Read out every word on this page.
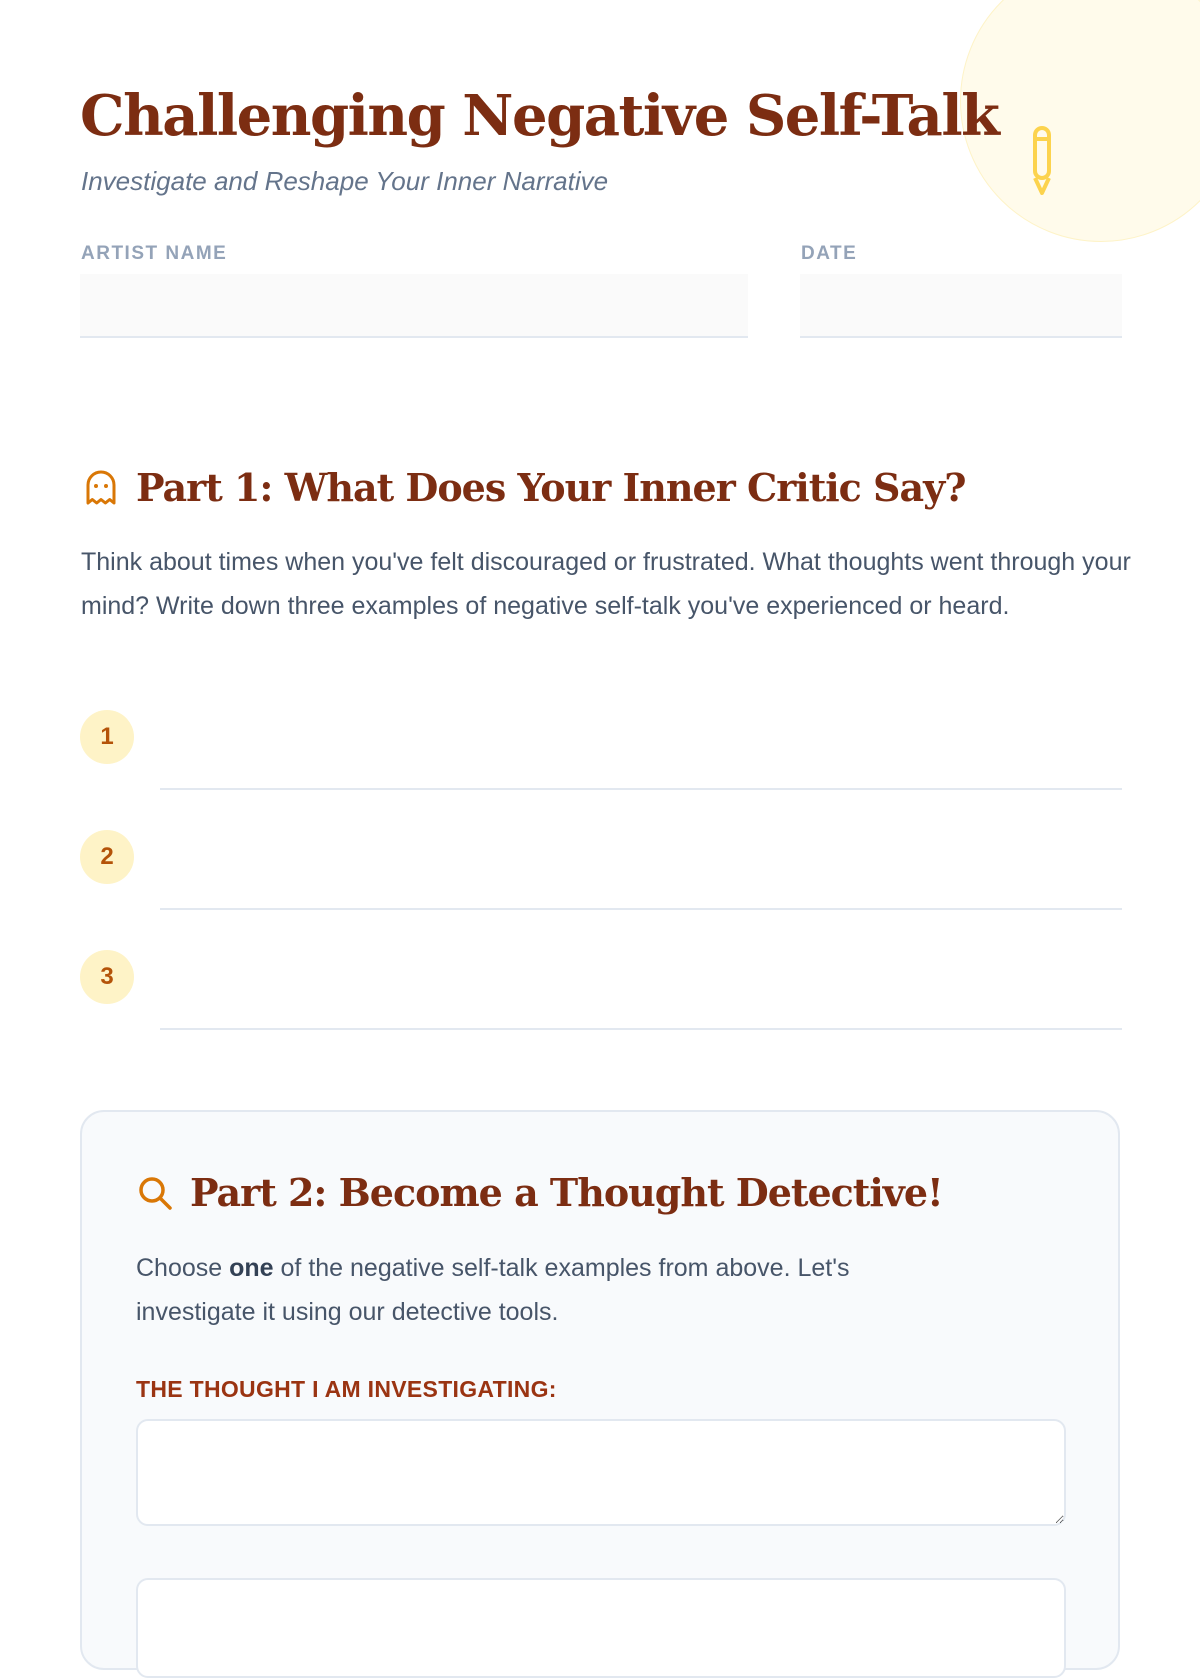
Challenging Negative Self-Talk

Investigate and Reshape Your Inner Narrative

ARTIST NAME	DATE
Part 1: What Does Your Inner Critic Say?

Think about times when you've felt discouraged or frustrated. What thoughts went through your mind? Write down three examples of negative self-talk you've experienced or heard.

1
2
3
Part 2: Become a Thought Detective!

Choose one of the negative self-talk examples from above. Let's investigate it using our detective tools.

THE THOUGHT I AM INVESTIGATING:
